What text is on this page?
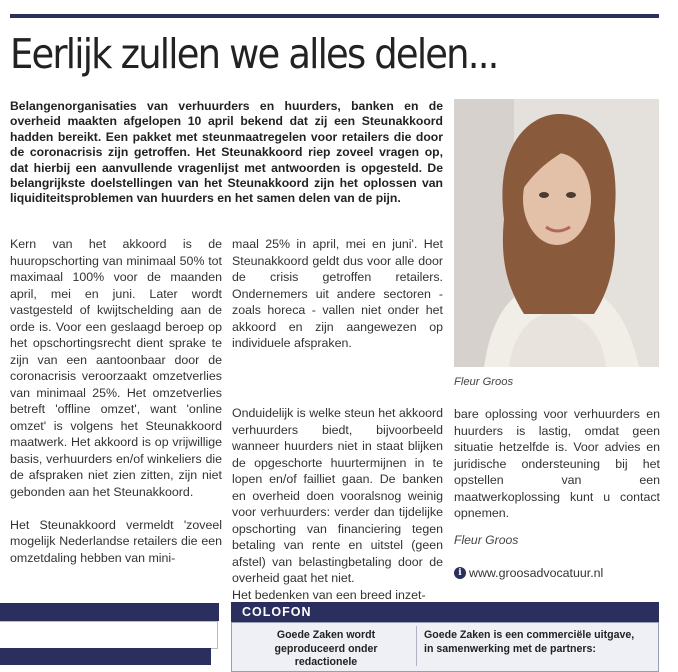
Eerlijk zullen we alles delen...

Belangenorganisaties van verhuurders en huurders, banken en de overheid maakten afgelopen 10 april bekend dat zij een Steunakkoord hadden bereikt. Een pakket met steunmaatregelen voor retailers die door de coronacrisis zijn getroffen. Het Steunakkoord riep zoveel vragen op, dat hierbij een aanvullende vragenlijst met antwoorden is opgesteld. De belangrijkste doelstellingen van het Steunakkoord zijn het oplossen van liquiditeitsproblemen van huurders en het samen delen van de pijn.

Kern van het akkoord is de huuropschorting van minimaal 50% tot maximaal 100% voor de maanden april, mei en juni. Later wordt vastgesteld of kwijtschelding aan de orde is. Voor een geslaagd beroep op het opschortingsrecht dient sprake te zijn van een aantoonbaar door de coronacrisis veroorzaakt omzetverlies van minimaal 25%. Het omzetverlies betreft 'offline omzet', want 'online omzet' is volgens het Steunakkoord maatwerk. Het akkoord is op vrijwillige basis, verhuurders en/of winkeliers die de afspraken niet zien zitten, zijn niet gebonden aan het Steunakkoord.

Het Steunakkoord vermeldt 'zoveel mogelijk Nederlandse retailers die een omzetdaling hebben van mini-

maal 25% in april, mei en juni'. Het Steunakkoord geldt dus voor alle door de crisis getroffen retailers. Ondernemers uit andere sectoren - zoals horeca - vallen niet onder het akkoord en zijn aangewezen op individuele afspraken.

Onduidelijk is welke steun het akkoord verhuurders biedt, bijvoorbeeld wanneer huurders niet in staat blijken de opgeschorte huurtermijnen in te lopen en/of failliet gaan. De banken en overheid doen vooralsnog weinig voor verhuurders: verder dan tijdelijke opschorting van financiering tegen betaling van rente en uitstel (geen afstel) van belastingbetaling door de overheid gaat het niet.

Het bedenken van een breed inzet-

Fleur Groos

bare oplossing voor verhuurders en huurders is lastig, omdat geen situatie hetzelfde is. Voor advies en juridische ondersteuning bij het opstellen van een maatwerkoplossing kunt u contact opnemen.

Fleur Groos

i www.groosadvocatuur.nl

COLOFON

Goede Zaken wordt geproduceerd onder redactionele

Goede Zaken is een commerciële uitgave, in samenwerking met de partners:
